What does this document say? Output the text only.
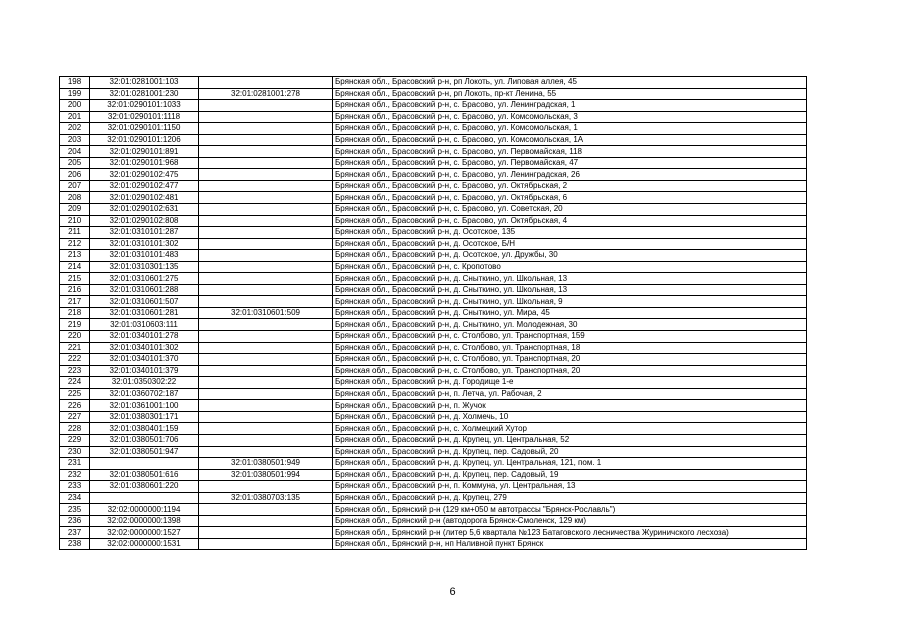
198	32:01:0281001:103		Брянская обл., Брасовский р-н, рп Локоть, ул. Липовая аллея, 45
199	32:01:0281001:230	32:01:0281001:278	Брянская обл., Брасовский р-н, рп Локоть, пр-кт Ленина, 55
200	32:01:0290101:1033		Брянская обл., Брасовский р-н, с. Брасово, ул. Ленинградская, 1
201	32:01:0290101:1118		Брянская обл., Брасовский р-н, с. Брасово, ул. Комсомольская, 3
202	32:01:0290101:1150		Брянская обл., Брасовский р-н, с. Брасово, ул. Комсомольская, 1
203	32:01:0290101:1206		Брянская обл., Брасовский р-н, с. Брасово, ул. Комсомольская, 1А
204	32:01:0290101:891		Брянская обл., Брасовский р-н, с. Брасово, ул. Первомайская, 118
205	32:01:0290101:968		Брянская обл., Брасовский р-н, с. Брасово, ул. Первомайская, 47
206	32:01:0290102:475		Брянская обл., Брасовский р-н, с. Брасово, ул. Ленинградская, 26
207	32:01:0290102:477		Брянская обл., Брасовский р-н, с. Брасово, ул. Октябрьская, 2
208	32:01:0290102:481		Брянская обл., Брасовский р-н, с. Брасово, ул. Октябрьская, 6
209	32:01:0290102:631		Брянская обл., Брасовский р-н, с. Брасово, ул. Советская, 20
210	32:01:0290102:808		Брянская обл., Брасовский р-н, с. Брасово, ул. Октябрьская, 4
211	32:01:0310101:287		Брянская обл., Брасовский р-н, д. Осотское, 135
212	32:01:0310101:302		Брянская обл., Брасовский р-н, д. Осотское, Б/Н
213	32:01:0310101:483		Брянская обл., Брасовский р-н, д. Осотское, ул. Дружбы, 30
214	32:01:0310301:135		Брянская обл., Брасовский р-н, с. Кропотово
215	32:01:0310601:275		Брянская обл., Брасовский р-н, д. Сныткино, ул. Школьная, 13
216	32:01:0310601:288		Брянская обл., Брасовский р-н, д. Сныткино, ул. Школьная, 13
217	32:01:0310601:507		Брянская обл., Брасовский р-н, д. Сныткино, ул. Школьная, 9
218	32:01:0310601:281	32:01:0310601:509	Брянская обл., Брасовский р-н, д. Сныткино, ул. Мира, 45
219	32:01:0310603:111		Брянская обл., Брасовский р-н, д. Сныткино, ул. Молодежная, 30
220	32:01:0340101:278		Брянская обл., Брасовский р-н, с. Столбово, ул. Транспортная, 159
221	32:01:0340101:302		Брянская обл., Брасовский р-н, с. Столбово, ул. Транспортная, 18
222	32:01:0340101:370		Брянская обл., Брасовский р-н, с. Столбово, ул. Транспортная, 20
223	32:01:0340101:379		Брянская обл., Брасовский р-н, с. Столбово, ул. Транспортная, 20
224	32:01:0350302:22		Брянская обл., Брасовский р-н, д. Городище 1-е
225	32:01:0360702:187		Брянская обл., Брасовский р-н, п. Летча, ул. Рабочая, 2
226	32:01:0361001:100		Брянская обл., Брасовский р-н, п. Жучок
227	32:01:0380301:171		Брянская обл., Брасовский р-н, д. Холмечь, 10
228	32:01:0380401:159		Брянская обл., Брасовский р-н, с. Холмецкий Хутор
229	32:01:0380501:706		Брянская обл., Брасовский р-н, д. Крупец, ул. Центральная, 52
230	32:01:0380501:947		Брянская обл., Брасовский р-н, д. Крупец, пер. Садовый, 20
231		32:01:0380501:949	Брянская обл., Брасовский р-н, д. Крупец, ул. Центральная, 121, пом. 1
232	32:01:0380501:616	32:01:0380501:994	Брянская обл., Брасовский р-н, д. Крупец, пер. Садовый, 19
233	32:01:0380601:220		Брянская обл., Брасовский р-н, п. Коммуна, ул. Центральная, 13
234		32:01:0380703:135	Брянская обл., Брасовский р-н, д. Крупец, 279
235	32:02:0000000:1194		Брянская обл., Брянский р-н (129 км+050 м автотрассы "Брянск-Рославль")
236	32:02:0000000:1398		Брянская обл., Брянский р-н (автодорога Брянск-Смоленск, 129 км)
237	32:02:0000000:1527		Брянская обл., Брянский р-н (литер 5,6 квартала №123 Батаговского лесничества Журиничского лесхоза)
238	32:02:0000000:1531		Брянская обл., Брянский р-н, нп Наливной пункт Брянск
6
